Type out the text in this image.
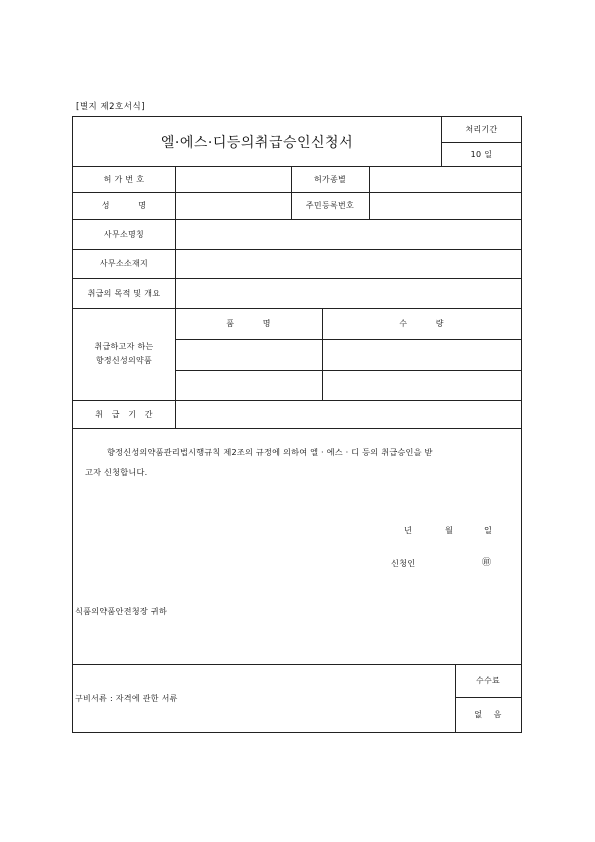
[별지 제2호서식]
엘·에스·디등의취급승인신청서
처리기간
10 일
허 가 번 호	허가종별
성          명	주민등록번호
사무소명칭
사무소소재지
취급의 목적 및 개요
취급하고자 하는
향정신성의약품
품          명	수          량
취   급   기   간
향정신성의약품관리법시행규칙 제2조의 규정에 의하여 엘 · 에스 · 디 등의 취급승인을 받
고자 신청합니다.
년	월	일
신청인	㊞
식품의약품안전청장 귀하
구비서류 : 자격에 관한 서류
수수료
없    음
